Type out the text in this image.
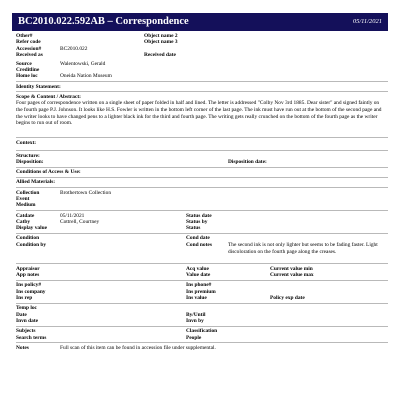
BC2010.022.592AB – Correspondence	05/11/2021
Other#	Object name 2
Refer code	Object name 3
Accession#	BC2010.022
Received as	Received date
Source	Walentowski, Gerald
Creditline
Home loc	Oneida Nation Museum
Identity Statement:
Scope & Content / Abstract:
Four pages of correspondence written on a single sheet of paper folded in half and lined. The letter is addressed "Colby Nov 3rd 1885. Dear sister" and signed faintly on the fourth page P.J. Johnson. It looks like H.S. Fowler is written in the bottom left corner of the last page. The ink must have run out at the bottom of the second page and the writer looks to have changed pens to a lighter black ink for the third and fourth page. The writing gets really crunched on the bottom of the fourth page as the writer begins to run out of room.
Context:
Structure:
Disposition:	Disposition date:
Conditions of Access & Use:
Allied Materials:
Collection	Brothertown Collection
Event
Medium
Catdate	05/11/2021	Status date
Catby	Cottrell, Courtney	Status by
Display value	Status
Condition	Cond date
Condition by	Cond notes	The second ink is not only lighter but seems to be fading faster. Light discoloration on the fourth page along the creases.
Appraisor	Acq value	Current value min
App notes	Value date	Current value max
Ins policy#	Ins phone#
Ins company	Ins premium
Ins rep	Ins value	Policy exp date
Temp loc
Date	By/Until
Invn date	Invn by
Subjects	Classification
Search terms	People
Notes	Full scan of this item can be found in accession file under supplemental.
